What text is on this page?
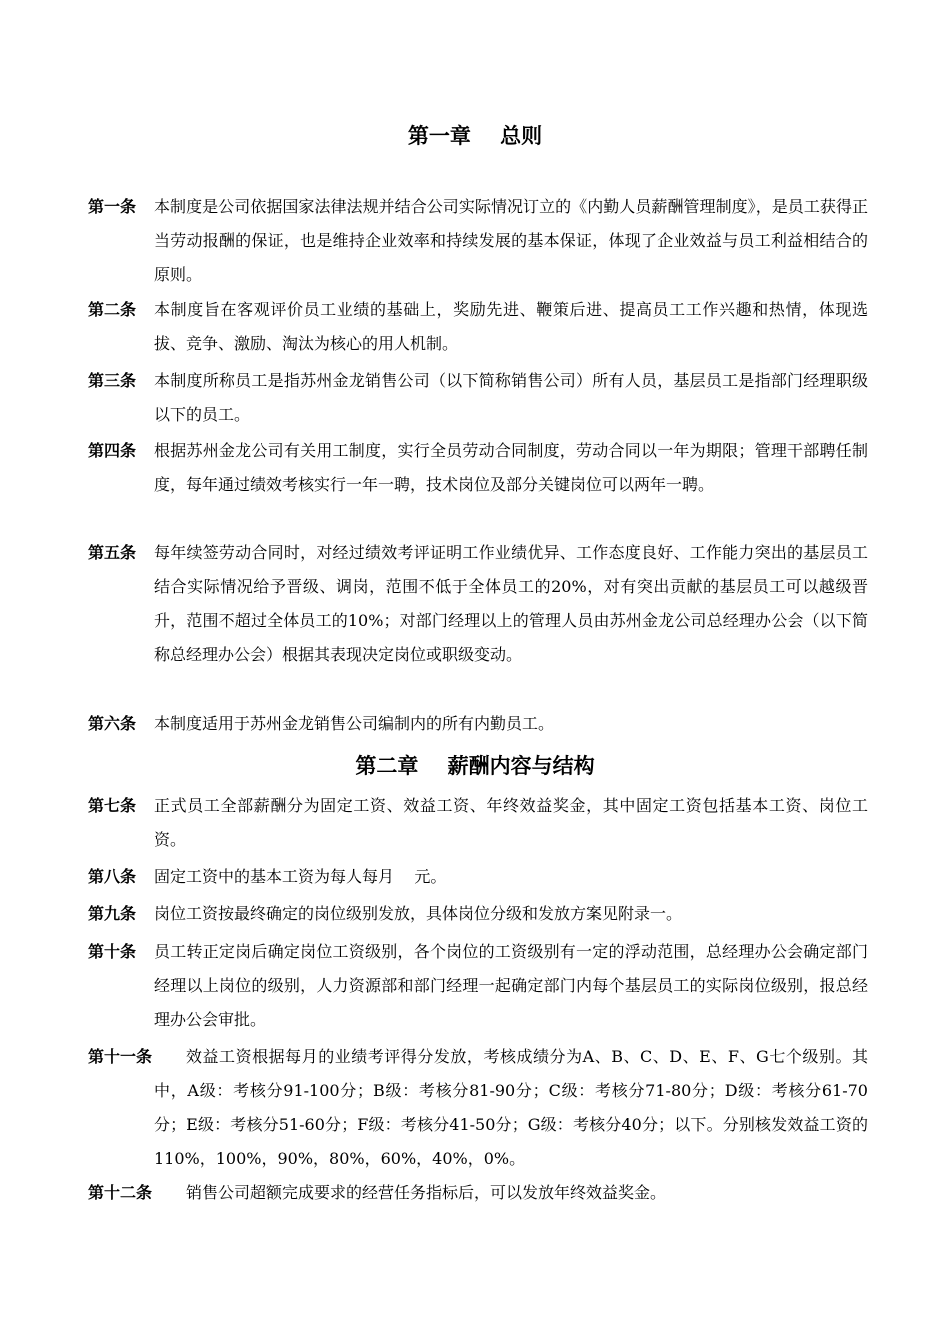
第一章    总则
第一条 本制度是公司依据国家法律法规并结合公司实际情况订立的《内勤人员薪酬管理制度》，是员工获得正当劳动报酬的保证，也是维持企业效率和持续发展的基本保证，体现了企业效益与员工利益相结合的原则。
第二条 本制度旨在客观评价员工业绩的基础上，奖励先进、鞭策后进、提高员工工作兴趣和热情，体现选拔、竞争、激励、淘汰为核心的用人机制。
第三条 本制度所称员工是指苏州金龙销售公司（以下简称销售公司）所有人员，基层员工是指部门经理职级以下的员工。
第四条 根据苏州金龙公司有关用工制度，实行全员劳动合同制度，劳动合同以一年为期限；管理干部聘任制度，每年通过绩效考核实行一年一聘，技术岗位及部分关键岗位可以两年一聘。
第五条 每年续签劳动合同时，对经过绩效考评证明工作业绩优异、工作态度良好、工作能力突出的基层员工结合实际情况给予晋级、调岗，范围不低于全体员工的20%，对有突出贡献的基层员工可以越级晋升，范围不超过全体员工的10%；对部门经理以上的管理人员由苏州金龙公司总经理办公会（以下简称总经理办公会）根据其表现决定岗位或职级变动。
第六条 本制度适用于苏州金龙销售公司编制内的所有内勤员工。
第二章    薪酬内容与结构
第七条 正式员工全部薪酬分为固定工资、效益工资、年终效益奖金，其中固定工资包括基本工资、岗位工资。
第八条 固定工资中的基本工资为每人每月    元。
第九条 岗位工资按最终确定的岗位级别发放，具体岗位分级和发放方案见附录一。
第十条 员工转正定岗后确定岗位工资级别，各个岗位的工资级别有一定的浮动范围，总经理办公会确定部门经理以上岗位的级别，人力资源部和部门经理一起确定部门内每个基层员工的实际岗位级别，报总经理办公会审批。
第十一条	效益工资根据每月的业绩考评得分发放，考核成绩分为A、B、C、D、E、F、G七个级别。其中，A级：考核分91-100分；B级：考核分81-90分；C级：考核分71-80分；D级：考核分61-70分；E级：考核分51-60分；F级：考核分41-50分；G级：考核分40分；以下。分别核发效益工资的110%，100%，90%，80%，60%，40%，0%。
第十二条	销售公司超额完成要求的经营任务指标后，可以发放年终效益奖金。
